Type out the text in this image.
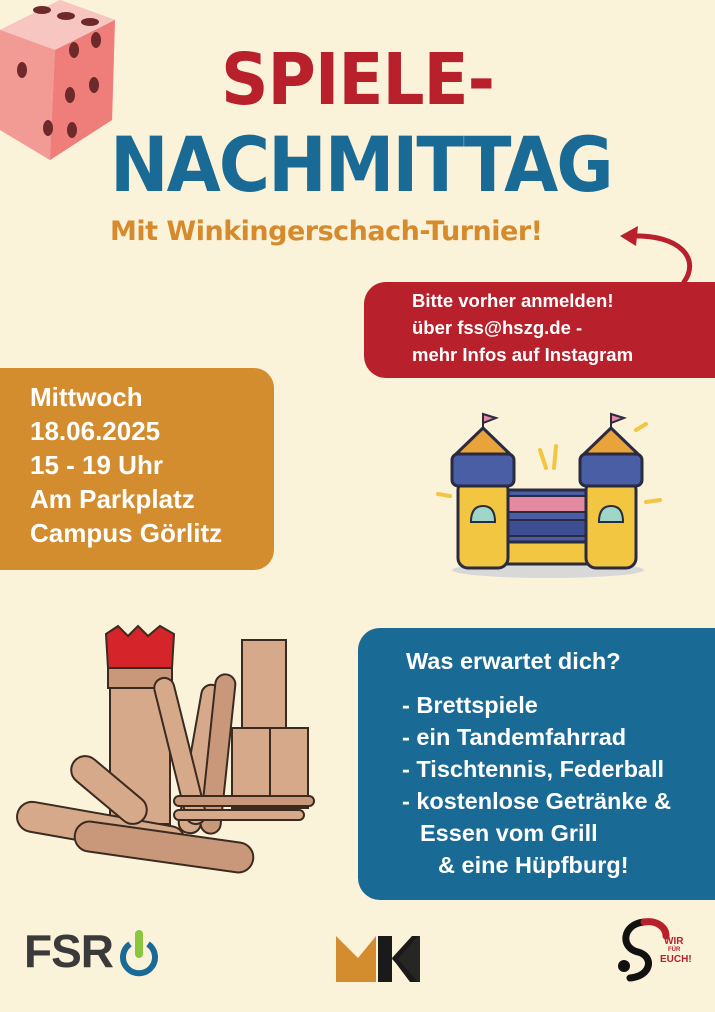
SPIELE-
NACHMITTAG
Mit Winkingerschach-Turnier!
Bitte vorher anmelden!
über fss@hszg.de -
mehr Infos auf Instagram
Mittwoch
18.06.2025
15 - 19 Uhr
Am Parkplatz
Campus Görlitz
Was erwartet dich?
- Brettspiele
- ein Tandemfahrrad
- Tischtennis, Federball
- kostenlose Getränke &
Essen vom Grill
& eine Hüpfburg!
FSR	WIR
FÜR
EUCH!
